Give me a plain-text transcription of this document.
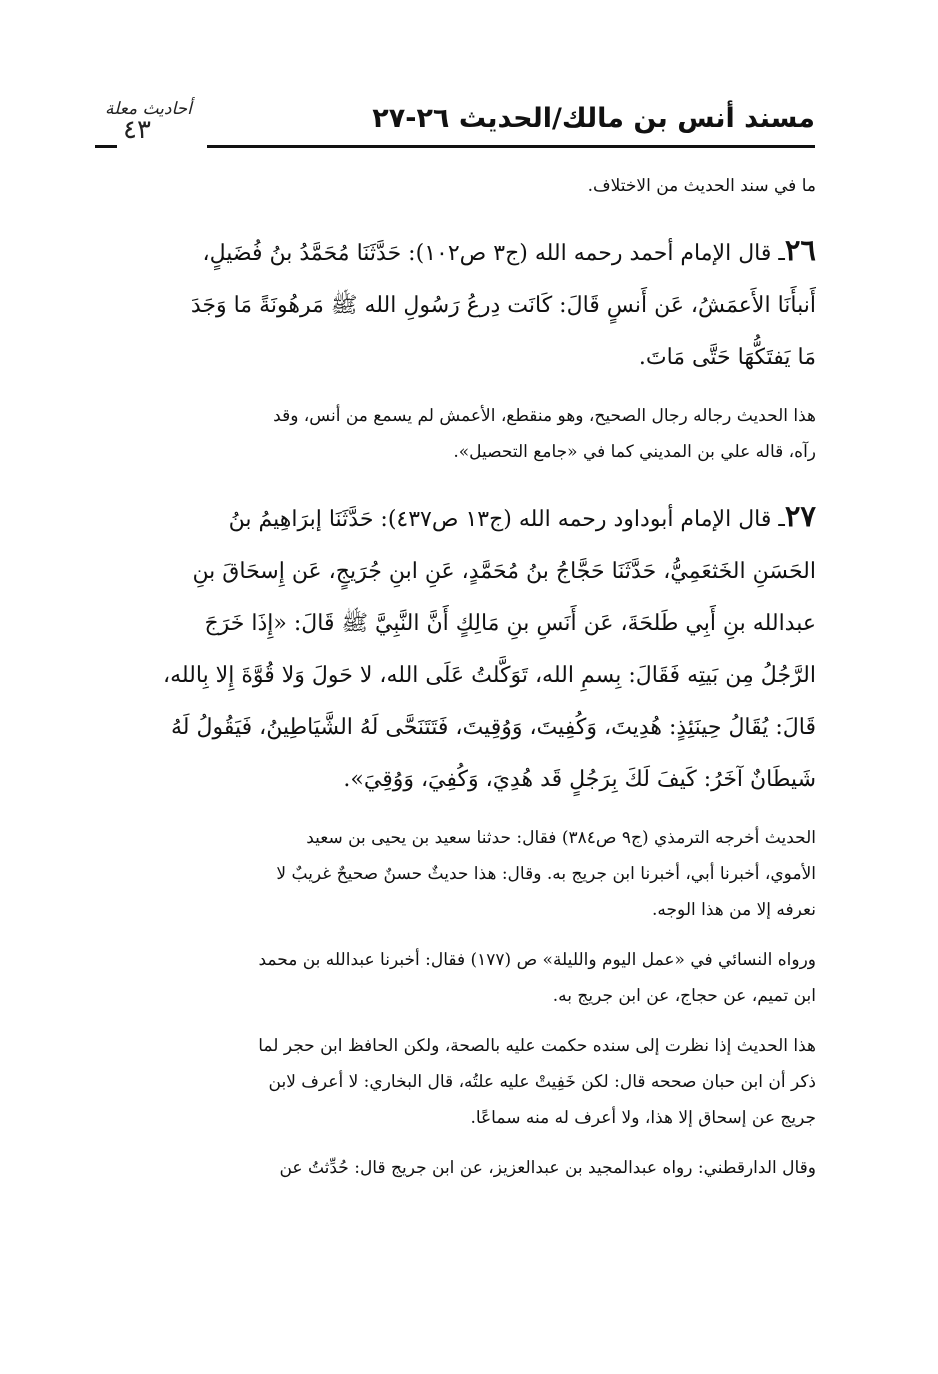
مسند أنس بن مالك/الحديث ٢٦-٢٧
أحاديث معلة
٤٣
ما في سند الحديث من الاختلاف.
٢٦ـ قال الإمام أحمد رحمه الله (ج٣ ص١٠٢): حَدَّثَنَا مُحَمَّدُ بنُ فُضَيلٍ،
أَنبأَنَا الأَعمَشُ، عَن أَنسٍ قَالَ: كَانَت دِرعُ رَسُولِ الله ﷺ مَرهُونَةً مَا وَجَدَ
مَا يَفتَكُّهَا حَتَّى مَاتَ.
هذا الحديث رجاله رجال الصحيح، وهو منقطع، الأعمش لم يسمع من أنس، وقد
رآه، قاله علي بن المديني كما في «جامع التحصيل».
٢٧ـ قال الإمام أبوداود رحمه الله (ج١٣ ص٤٣٧): حَدَّثَنَا إبرَاهِيمُ بنُ
الحَسَنِ الخَثعَمِيُّ، حَدَّثَنَا حَجَّاجُ بنُ مُحَمَّدٍ، عَنِ ابنِ جُرَيجٍ، عَن إِسحَاقَ بنِ
عبدالله بنِ أَبِي طَلحَةَ، عَن أَنَسِ بنِ مَالِكٍ أَنَّ النَّبِيَّ ﷺ قَالَ: «إِذَا خَرَجَ
الرَّجُلُ مِن بَيتِه فَقَالَ: بِسمِ الله، تَوَكَّلتُ عَلَى الله، لا حَولَ وَلا قُوَّةَ إِلا بِالله،
قَالَ: يُقَالُ حِينَئِذٍ: هُدِيتَ، وَكُفِيتَ، وَوُقِيتَ، فَتَتَنَحَّى لَهُ الشَّيَاطِينُ، فَيَقُولُ لَهُ
شَيطَانٌ آخَرُ: كَيفَ لَكَ بِرَجُلٍ قَد هُدِيَ، وَكُفِيَ، وَوُقِيَ».
الحديث أخرجه الترمذي (ج٩ ص٣٨٤) فقال: حدثنا سعيد بن يحيى بن سعيد
الأموي، أخبرنا أبي، أخبرنا ابن جريج به. وقال: هذا حديثٌ حسنٌ صحيحٌ غريبٌ لا
نعرفه إلا من هذا الوجه.
ورواه النسائي في «عمل اليوم والليلة» ص (١٧٧) فقال: أخبرنا عبدالله بن محمد
ابن تميم، عن حجاج، عن ابن جريج به.
هذا الحديث إذا نظرت إلى سنده حكمت عليه بالصحة، ولكن الحافظ ابن حجر لما
ذكر أن ابن حبان صححه قال: لكن خَفِيتْ عليه علتُه، قال البخاري: لا أعرف لابن
جريج عن إسحاق إلا هذا، ولا أعرف له منه سماعًا.
وقال الدارقطني: رواه عبدالمجيد بن عبدالعزيز، عن ابن جريج قال: حُدِّثتُ عن
